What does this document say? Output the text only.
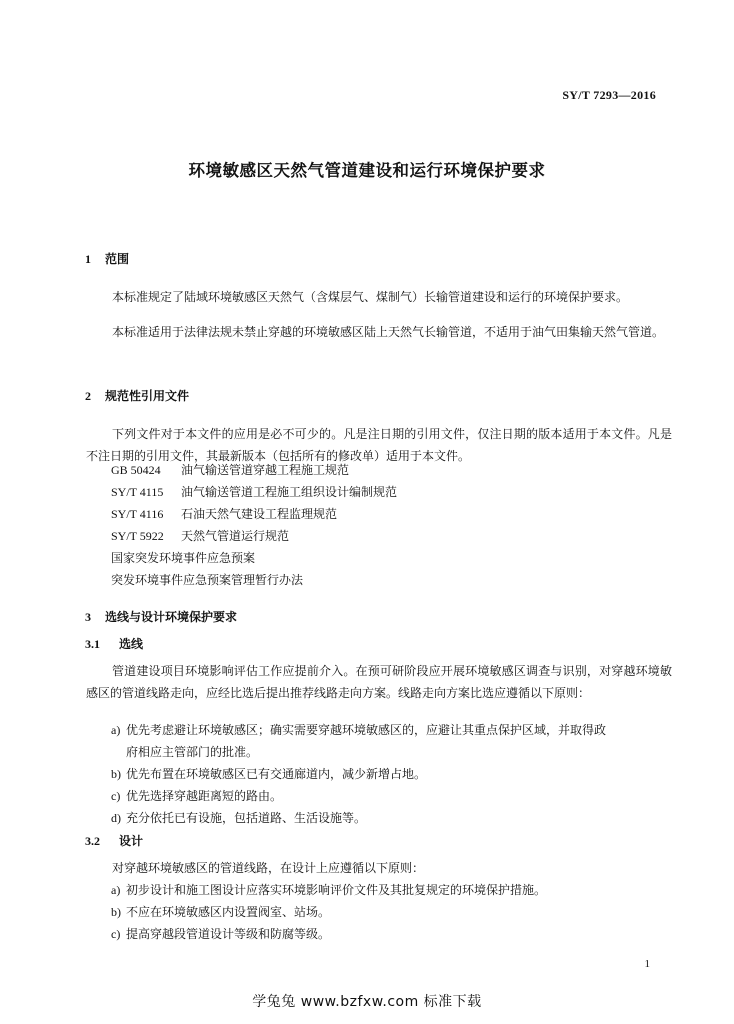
SY/T 7293—2016
环境敏感区天然气管道建设和运行环境保护要求
1 范围
本标准规定了陆域环境敏感区天然气（含煤层气、煤制气）长输管道建设和运行的环境保护要求。
本标准适用于法律法规未禁止穿越的环境敏感区陆上天然气长输管道，不适用于油气田集输天然气管道。
2 规范性引用文件
下列文件对于本文件的应用是必不可少的。凡是注日期的引用文件，仅注日期的版本适用于本文件。凡是不注日期的引用文件，其最新版本（包括所有的修改单）适用于本文件。
GB 50424 油气输送管道穿越工程施工规范
SY/T 4115 油气输送管道工程施工组织设计编制规范
SY/T 4116 石油天然气建设工程监理规范
SY/T 5922 天然气管道运行规范
国家突发环境事件应急预案
突发环境事件应急预案管理暂行办法
3 选线与设计环境保护要求
3.1 选线
管道建设项目环境影响评估工作应提前介入。在预可研阶段应开展环境敏感区调查与识别，对穿越环境敏感区的管道线路走向，应经比选后提出推荐线路走向方案。线路走向方案比选应遵循以下原则：
a) 优先考虑避让环境敏感区；确实需要穿越环境敏感区的，应避让其重点保护区域，并取得政
府相应主管部门的批准。
b) 优先布置在环境敏感区已有交通廊道内，减少新增占地。
c) 优先选择穿越距离短的路由。
d) 充分依托已有设施，包括道路、生活设施等。
3.2 设计
对穿越环境敏感区的管道线路，在设计上应遵循以下原则：
a) 初步设计和施工图设计应落实环境影响评价文件及其批复规定的环境保护措施。
b) 不应在环境敏感区内设置阀室、站场。
c) 提高穿越段管道设计等级和防腐等级。
1
学兔兔 www.bzfxw.com 标准下载
